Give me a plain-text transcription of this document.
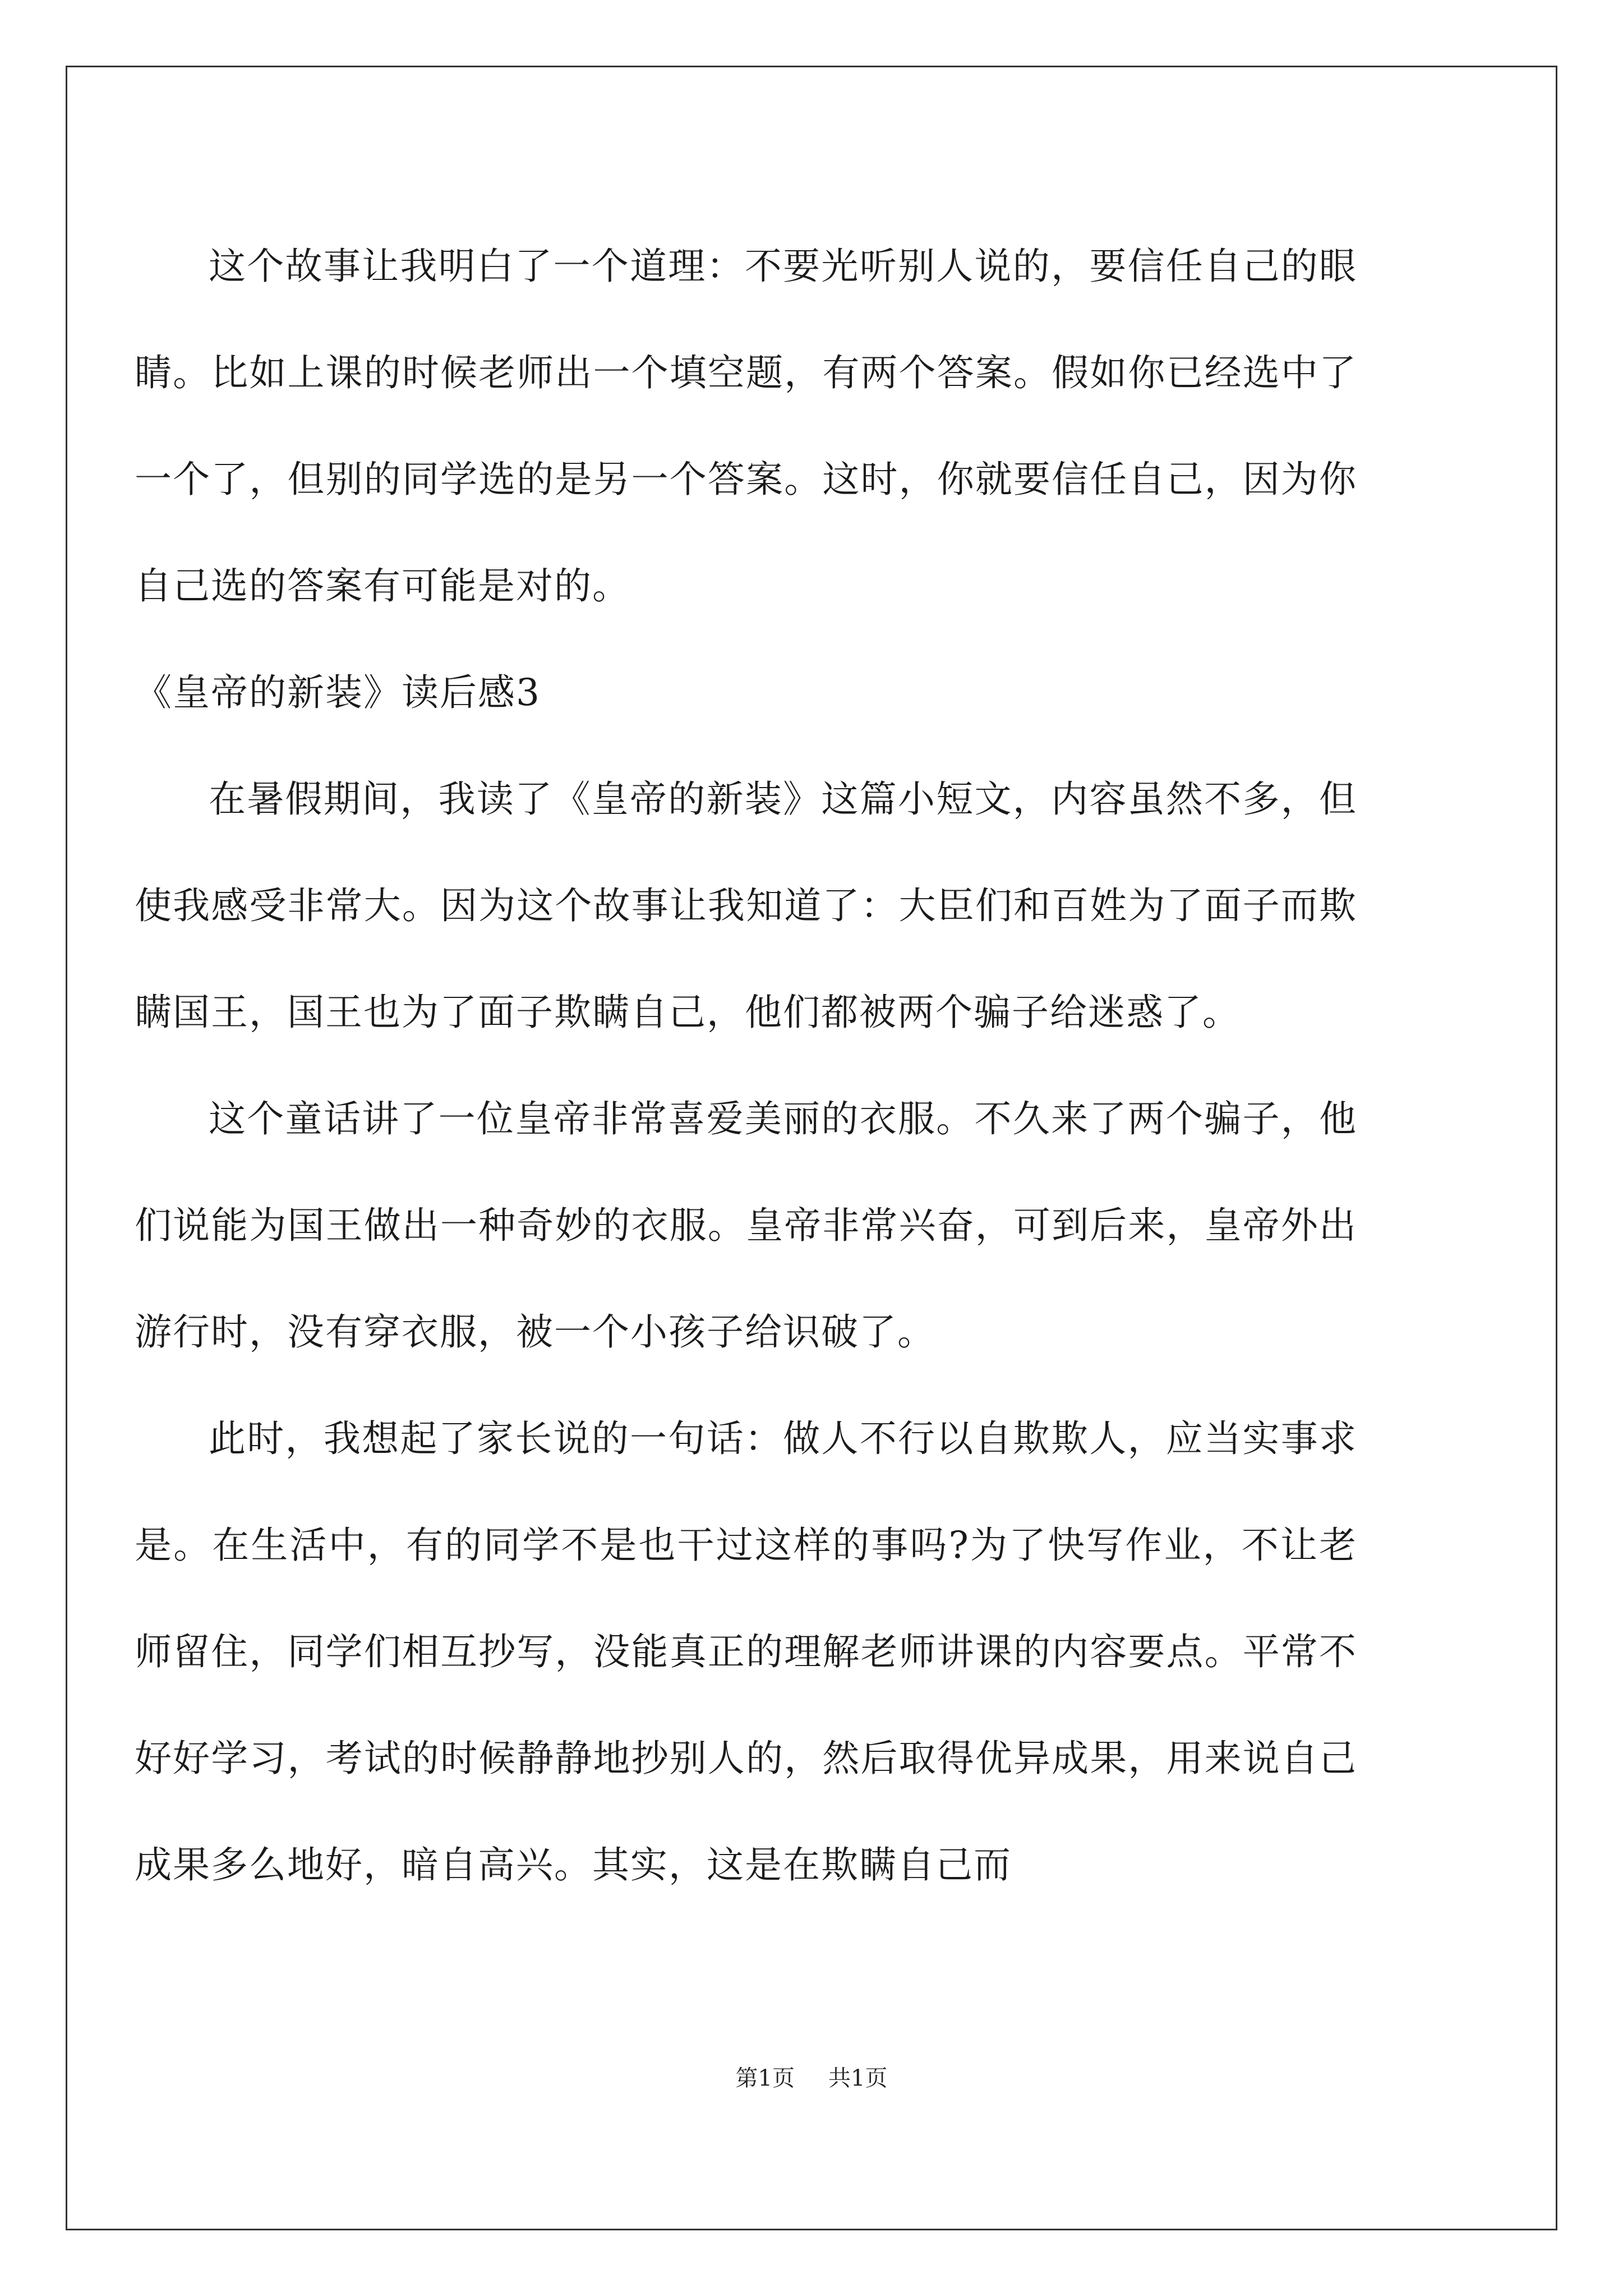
这个故事让我明白了一个道理：不要光听别人说的，要信任自己的眼睛。比如上课的时候老师出一个填空题，有两个答案。假如你已经选中了一个了，但别的同学选的是另一个答案。这时，你就要信任自己，因为你自己选的答案有可能是对的。

《皇帝的新装》读后感3

在暑假期间，我读了《皇帝的新装》这篇小短文，内容虽然不多，但使我感受非常大。因为这个故事让我知道了：大臣们和百姓为了面子而欺瞒国王，国王也为了面子欺瞒自己，他们都被两个骗子给迷惑了。

这个童话讲了一位皇帝非常喜爱美丽的衣服。不久来了两个骗子，他们说能为国王做出一种奇妙的衣服。皇帝非常兴奋，可到后来，皇帝外出游行时，没有穿衣服，被一个小孩子给识破了。

此时，我想起了家长说的一句话：做人不行以自欺欺人，应当实事求是。在生活中，有的同学不是也干过这样的事吗?为了快写作业，不让老师留住，同学们相互抄写，没能真正的理解老师讲课的内容要点。平常不好好学习，考试的时候静静地抄别人的，然后取得优异成果，用来说自己成果多么地好，暗自高兴。其实，这是在欺瞒自己而

第1页 共1页
